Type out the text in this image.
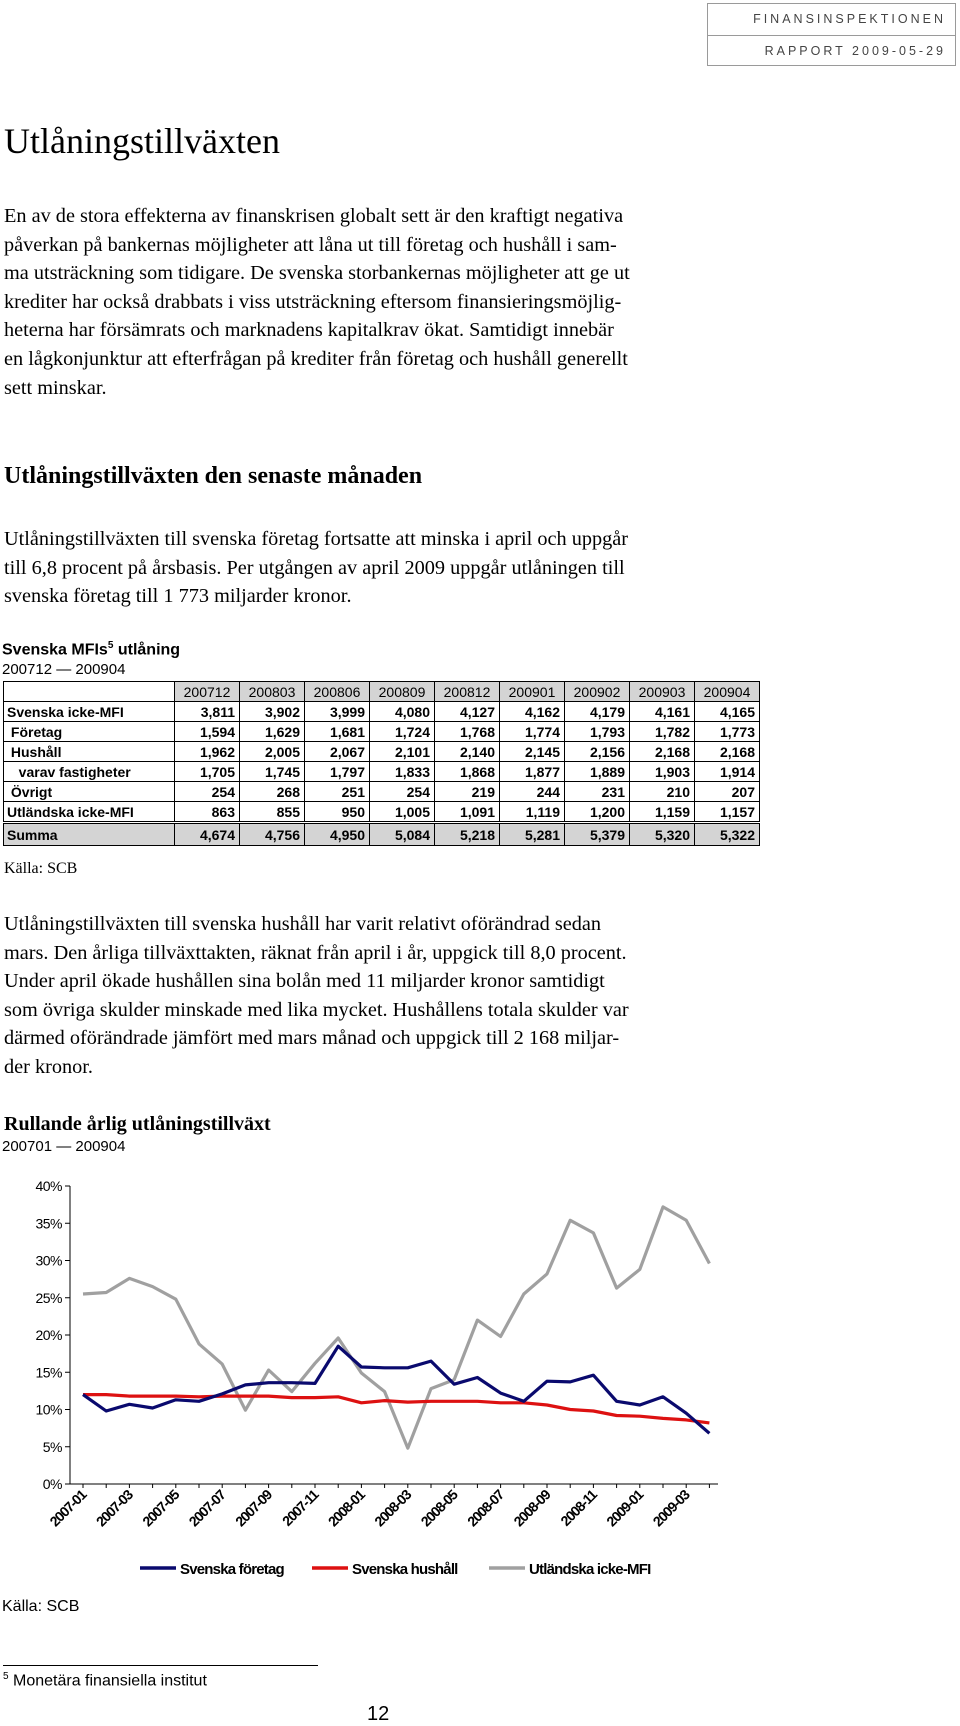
FINANSINSPEKTIONEN
RAPPORT 2009-05-29
Utlåningstillväxten
En av de stora effekterna av finanskrisen globalt sett är den kraftigt negativa
påverkan på bankernas möjligheter att låna ut till företag och hushåll i sam-
ma utsträckning som tidigare. De svenska storbankernas möjligheter att ge ut
krediter har också drabbats i viss utsträckning eftersom finansieringsmöjlig-
heterna har försämrats och marknadens kapitalkrav ökat. Samtidigt innebär
en lågkonjunktur att efterfrågan på krediter från företag och hushåll generellt
sett minskar.
Utlåningstillväxten den senaste månaden
Utlåningstillväxten till svenska företag fortsatte att minska i april och uppgår
till 6,8 procent på årsbasis. Per utgången av april 2009 uppgår utlåningen till
svenska företag till 1 773 miljarder kronor.
Svenska MFIs$^5$ utlåning
200712 — 200904
	200712	200803	200806	200809	200812	200901	200902	200903	200904
Svenska icke-MFI	3,811	3,902	3,999	4,080	4,127	4,162	4,179	4,161	4,165
Företag	1,594	1,629	1,681	1,724	1,768	1,774	1,793	1,782	1,773
Hushåll	1,962	2,005	2,067	2,101	2,140	2,145	2,156	2,168	2,168
varav fastigheter	1,705	1,745	1,797	1,833	1,868	1,877	1,889	1,903	1,914
Övrigt	254	268	251	254	219	244	231	210	207
Utländska icke-MFI	863	855	950	1,005	1,091	1,119	1,200	1,159	1,157
Summa	4,674	4,756	4,950	5,084	5,218	5,281	5,379	5,320	5,322
Källa: SCB
Utlåningstillväxten till svenska hushåll har varit relativt oförändrad sedan
mars. Den årliga tillväxttakten, räknat från april i år, uppgick till 8,0 procent.
Under april ökade hushållen sina bolån med 11 miljarder kronor samtidigt
som övriga skulder minskade med lika mycket. Hushållens totala skulder var
därmed oförändrade jämfört med mars månad och uppgick till 2 168 miljar-
der kronor.
Rullande årlig utlåningstillväxt
200701 — 200904
0%
5%
10%
15%
20%
25%
30%
35%
40%
2007-01 2007-03 2007-05 2007-07 2007-09 2007-11 2008-01 2008-03 2008-05 2008-07 2008-09 2008-11 2009-01 2009-03
Svenska företag	Svenska hushåll	Utländska icke-MFI
Källa: SCB
$^5$ Monetära finansiella institut
12
